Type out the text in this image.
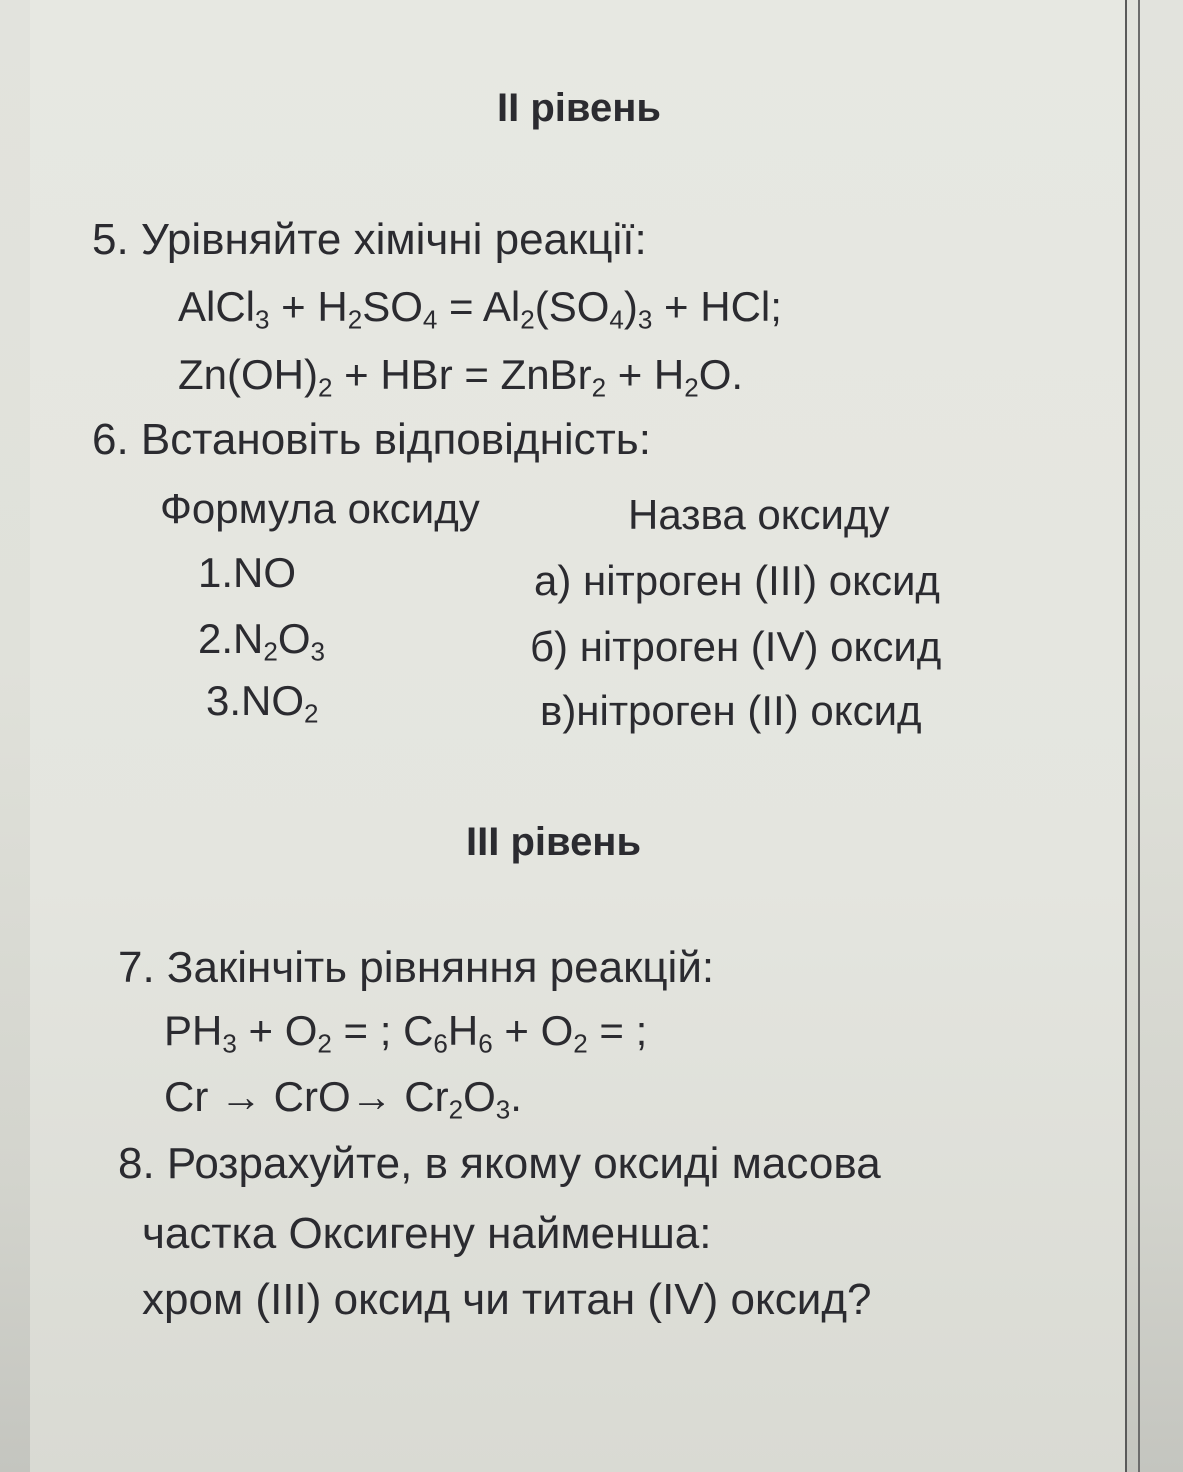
ІІ рівень
5. Урівняйте хімічні реакції:
AlCl$_3$ + $H_2SO_4 = Al_2(SO_4)_3$ + HCl;
$Zn(OH)_2$ + HBr = ZnBr$_2$ + $H_2O$.
6. Встановіть відповідність:
Формула оксиду	Назва оксиду
1.NO
$2.N_2O_3$
$3.NO_2$
а) нітроген (ІІІ) оксид
б) нітроген (ІV) оксид
в)нітроген (ІІ) оксид
ІІІ рівень
7. Закінчіть рівняння реакцій:
$PH_3 + O_2$ = ; $C_6H_6 + O_2$ = ;
$Cr \to CrO\to Cr_2O_3$.
8. Розрахуйте, в якому оксиді масова
частка Оксигену найменша:
хром (ІІІ) оксид чи титан (ІV) оксид?
